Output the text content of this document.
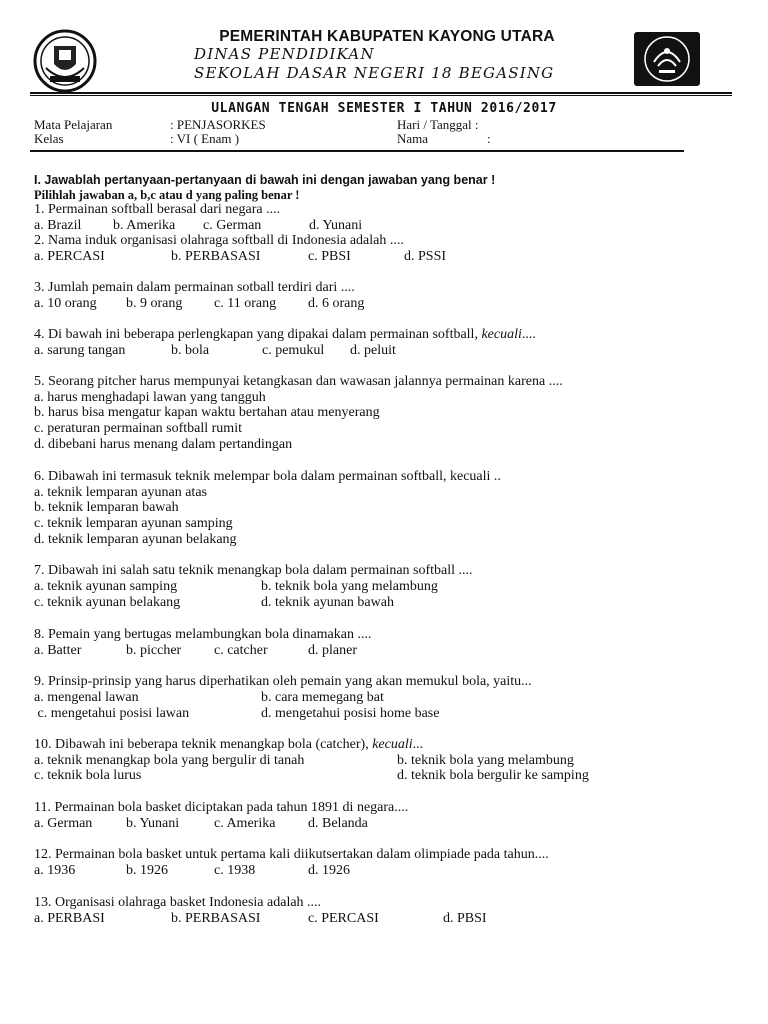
PEMERINTAH KABUPATEN KAYONG UTARA
DINAS PENDIDIKAN
SEKOLAH DASAR NEGERI 18 BEGASING
ULANGAN TENGAH SEMESTER I TAHUN 2016/2017
Mata Pelajaran	: PENJASORKES	Hari / Tanggal :
Kelas	: VI ( Enam )	Nama	:
I. Jawablah pertanyaan-pertanyaan di bawah ini dengan jawaban yang benar !
Pilihlah jawaban a, b,c atau d yang paling benar !
1. Permainan softball berasal dari negara ....
a. Brazil b. Amerika c. German	d. Yunani
2. Nama induk organisasi olahraga softball di Indonesia adalah ....
a. PERCASI	b. PERBASASI	c. PBSI	d. PSSI
3. Jumlah pemain dalam permainan sotball terdiri dari ....
a. 10 orang b. 9 orang c. 11 orang d. 6 orang
4. Di bawah ini beberapa perlengkapan yang dipakai dalam permainan softball, kecuali....
a. sarung tangan	b. bola	c. pemukul d. peluit
5. Seorang pitcher harus mempunyai ketangkasan dan wawasan jalannya permainan karena ....
a. harus menghadapi lawan yang tangguh
b. harus bisa mengatur kapan waktu bertahan atau menyerang
c. peraturan permainan softball rumit
d. dibebani harus menang dalam pertandingan
6. Dibawah ini termasuk teknik melempar bola dalam permainan softball, kecuali ..
a. teknik lemparan ayunan atas
b. teknik lemparan bawah
c. teknik lemparan ayunan samping
d. teknik lemparan ayunan belakang
7. Dibawah ini salah satu teknik menangkap bola dalam permainan softball ....
a. teknik ayunan samping	b. teknik bola yang melambung
c. teknik ayunan belakang	d. teknik ayunan bawah
8. Pemain yang bertugas melambungkan bola dinamakan ....
a. Batter	b. piccher c. catcher	d. planer
9. Prinsip-prinsip yang harus diperhatikan oleh pemain yang akan memukul bola, yaitu...
a. mengenal lawan	b. cara memegang bat
c. mengetahui posisi lawan	d. mengetahui posisi home base
10. Dibawah ini beberapa teknik menangkap bola (catcher), kecuali...
a. teknik menangkap bola yang bergulir di tanah	b. teknik bola yang melambung
c. teknik bola lurus	d. teknik bola bergulir ke samping
11. Permainan bola basket diciptakan pada tahun 1891 di negara....
a. German b. Yunani c. Amerika d. Belanda
12. Permainan bola basket untuk pertama kali diikutsertakan dalam olimpiade pada tahun....
a. 1936	b. 1926	c. 1938	d. 1926
13. Organisasi olahraga basket Indonesia adalah ....
a. PERBASI	b. PERBASASI	c. PERCASI	d. PBSI
